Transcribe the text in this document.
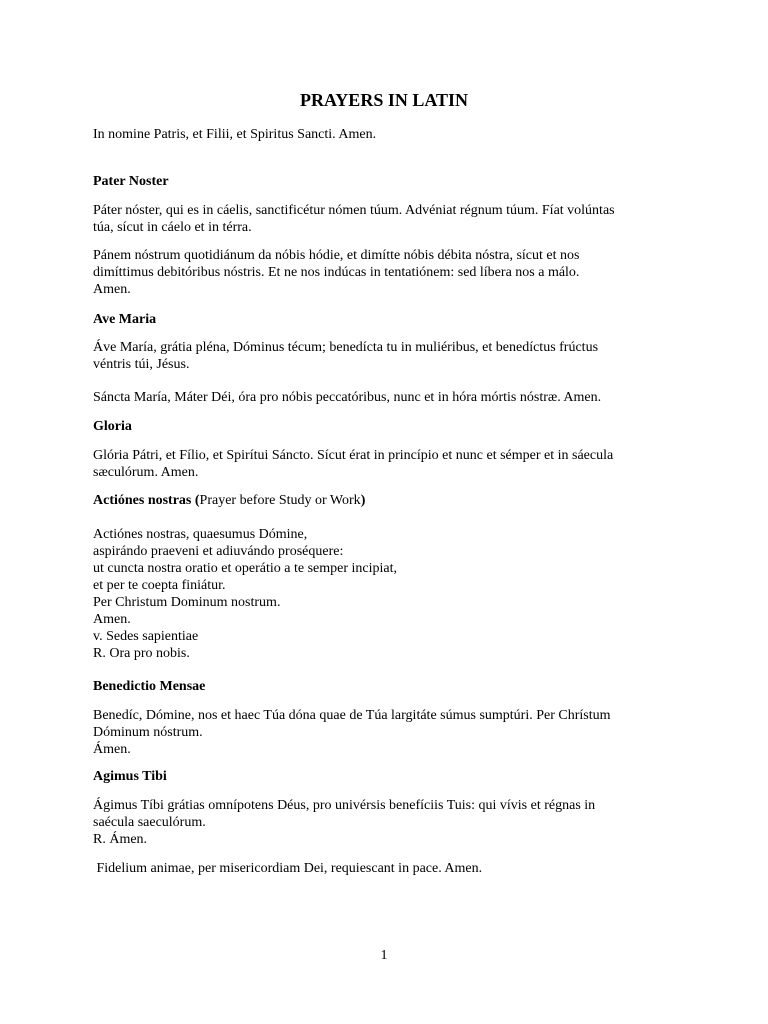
PRAYERS IN LATIN

In nomine Patris, et Filii, et Spiritus Sancti. Amen.

Pater Noster

Páter nóster, qui es in cáelis, sanctificétur nómen túum. Advéniat régnum túum. Fíat volúntas
túa, sícut in cáelo et in térra.

Pánem nóstrum quotidiánum da nóbis hódie, et dimítte nóbis débita nóstra, sícut et nos
dimíttimus debitóribus nóstris. Et ne nos indúcas in tentatiónem: sed líbera nos a málo.
Amen.

Ave Maria

Áve María, grátia pléna, Dóminus técum; benedícta tu in muliéribus, et benedíctus frúctus
véntris túi, Jésus.

Sáncta María, Máter Déi, óra pro nóbis peccatóribus, nunc et in hóra mórtis nóstræ. Amen.

Gloria

Glória Pátri, et Fílio, et Spirítui Sáncto. Sícut érat in princípio et nunc et sémper et in sáecula
sæculórum. Amen.

Actiónes nostras (Prayer before Study or Work)

Actiónes nostras, quaesumus Dómine,
aspirándo praeveni et adiuvándo proséquere:
ut cuncta nostra oratio et operátio a te semper incipiat,
et per te coepta finiátur.
Per Christum Dominum nostrum.
Amen.
v. Sedes sapientiae
R. Ora pro nobis.

Benedictio Mensae

Benedíc, Dómine, nos et haec Túa dóna quae de Túa largitáte súmus sumptúri. Per Chrístum
Dóminum nóstrum.
Ámen.

Agimus Tibi

Ágimus Tíbi grátias omnípotens Déus, pro univérsis benefíciis Tuis: qui vívis et régnas in
saécula saeculórum.
R. Ámen.

Fidelium animae, per misericordiam Dei, requiescant in pace. Amen.

1
